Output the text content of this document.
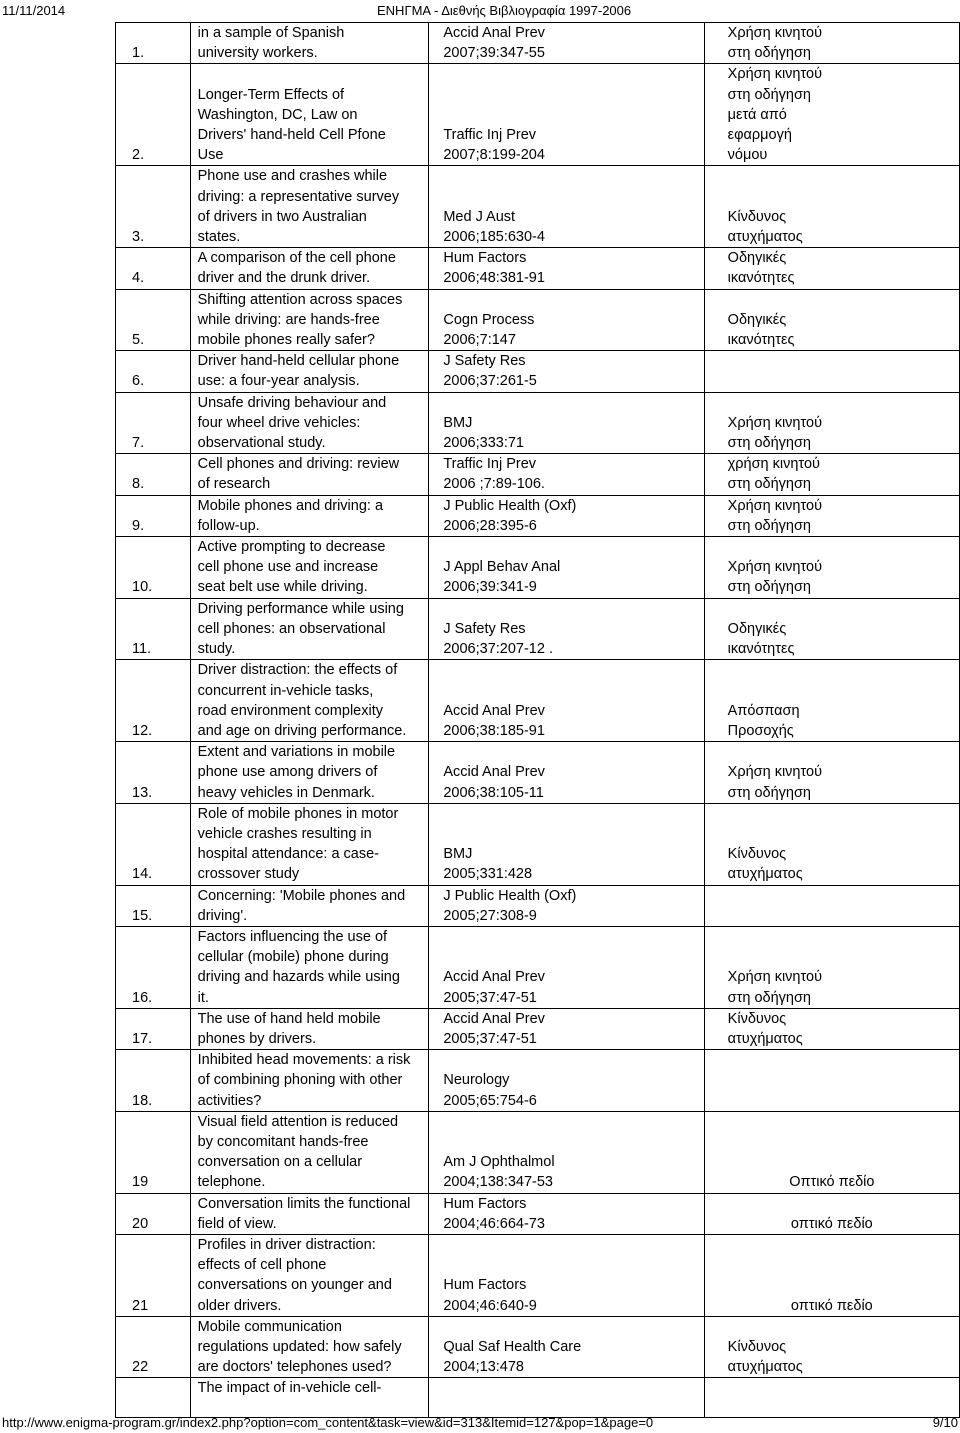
11/11/2014	ΕΝΗΓΜΑ - Διεθνής Βιβλιογραφία 1997-2006
1.	in a sample of Spanish
university workers.	Accid Anal Prev
2007;39:347-55	Χρήση κινητού
στη οδήγηση

2.	Longer-Term Effects of
Washington, DC, Law on
Drivers' hand-held Cell Pfone
Use	Traffic Inj Prev
2007;8:199-204	Χρήση κινητού
στη οδήγηση
μετά από
εφαρμογή
νόμου

3.	Phone use and crashes while
driving: a representative survey
of drivers in two Australian
states.	Med J Aust
2006;185:630-4	Κίνδυνος
ατυχήματος

4.	A comparison of the cell phone
driver and the drunk driver.	Hum Factors
2006;48:381-91	Οδηγικές
ικανότητες

5.	Shifting attention across spaces
while driving: are hands-free
mobile phones really safer?	Cogn Process
2006;7:147	Οδηγικές
ικανότητες

6.	Driver hand-held cellular phone
use: a four-year analysis.	J Safety Res
2006;37:261-5	

7.	Unsafe driving behaviour and
four wheel drive vehicles:
observational study.	BMJ
2006;333:71	Χρήση κινητού
στη οδήγηση

8.	Cell phones and driving: review
of research	Traffic Inj Prev
2006 ;7:89-106.	χρήση κινητού
στη οδήγηση

9.	Mobile phones and driving: a
follow-up.	J Public Health (Oxf)
2006;28:395-6	Χρήση κινητού
στη οδήγηση

10.	Active prompting to decrease
cell phone use and increase
seat belt use while driving.	J Appl Behav Anal
2006;39:341-9	Χρήση κινητού
στη οδήγηση

11.	Driving performance while using
cell phones: an observational
study.	J Safety Res
2006;37:207-12 .	Οδηγικές
ικανότητες

12.	Driver distraction: the effects of
concurrent in-vehicle tasks,
road environment complexity
and age on driving performance.	Accid Anal Prev
2006;38:185-91	Απόσπαση
Προσοχής

13.	Extent and variations in mobile
phone use among drivers of
heavy vehicles in Denmark.	Accid Anal Prev
2006;38:105-11	Χρήση κινητού
στη οδήγηση

14.	Role of mobile phones in motor
vehicle crashes resulting in
hospital attendance: a case-
crossover study	BMJ
2005;331:428	Κίνδυνος
ατυχήματος

15.	Concerning: 'Mobile phones and
driving'.	J Public Health (Oxf)
2005;27:308-9	

16.	Factors influencing the use of
cellular (mobile) phone during
driving and hazards while using
it.	Accid Anal Prev
2005;37:47-51	Χρήση κινητού
στη οδήγηση

17.	The use of hand held mobile
phones by drivers.	Accid Anal Prev
2005;37:47-51	Κίνδυνος
ατυχήματος

18.	Inhibited head movements: a risk
of combining phoning with other
activities?	Neurology
2005;65:754-6	

19	Visual field attention is reduced
by concomitant hands-free
conversation on a cellular
telephone.	Am J Ophthalmol
2004;138:347-53	Οπτικό πεδίο

20	Conversation limits the functional
field of view.	Hum Factors
2004;46:664-73	οπτικό πεδίο

21	Profiles in driver distraction:
effects of cell phone
conversations on younger and
older drivers.	Hum Factors
2004;46:640-9	οπτικό πεδίο

22	Mobile communication
regulations updated: how safely
are doctors' telephones used?	Qual Saf Health Care
2004;13:478	Κίνδυνος
ατυχήματος

	The impact of in-vehicle cell-		

http://www.enigma-program.gr/index2.php?option=com_content&task=view&id=313&Itemid=127&pop=1&page=0	9/10
